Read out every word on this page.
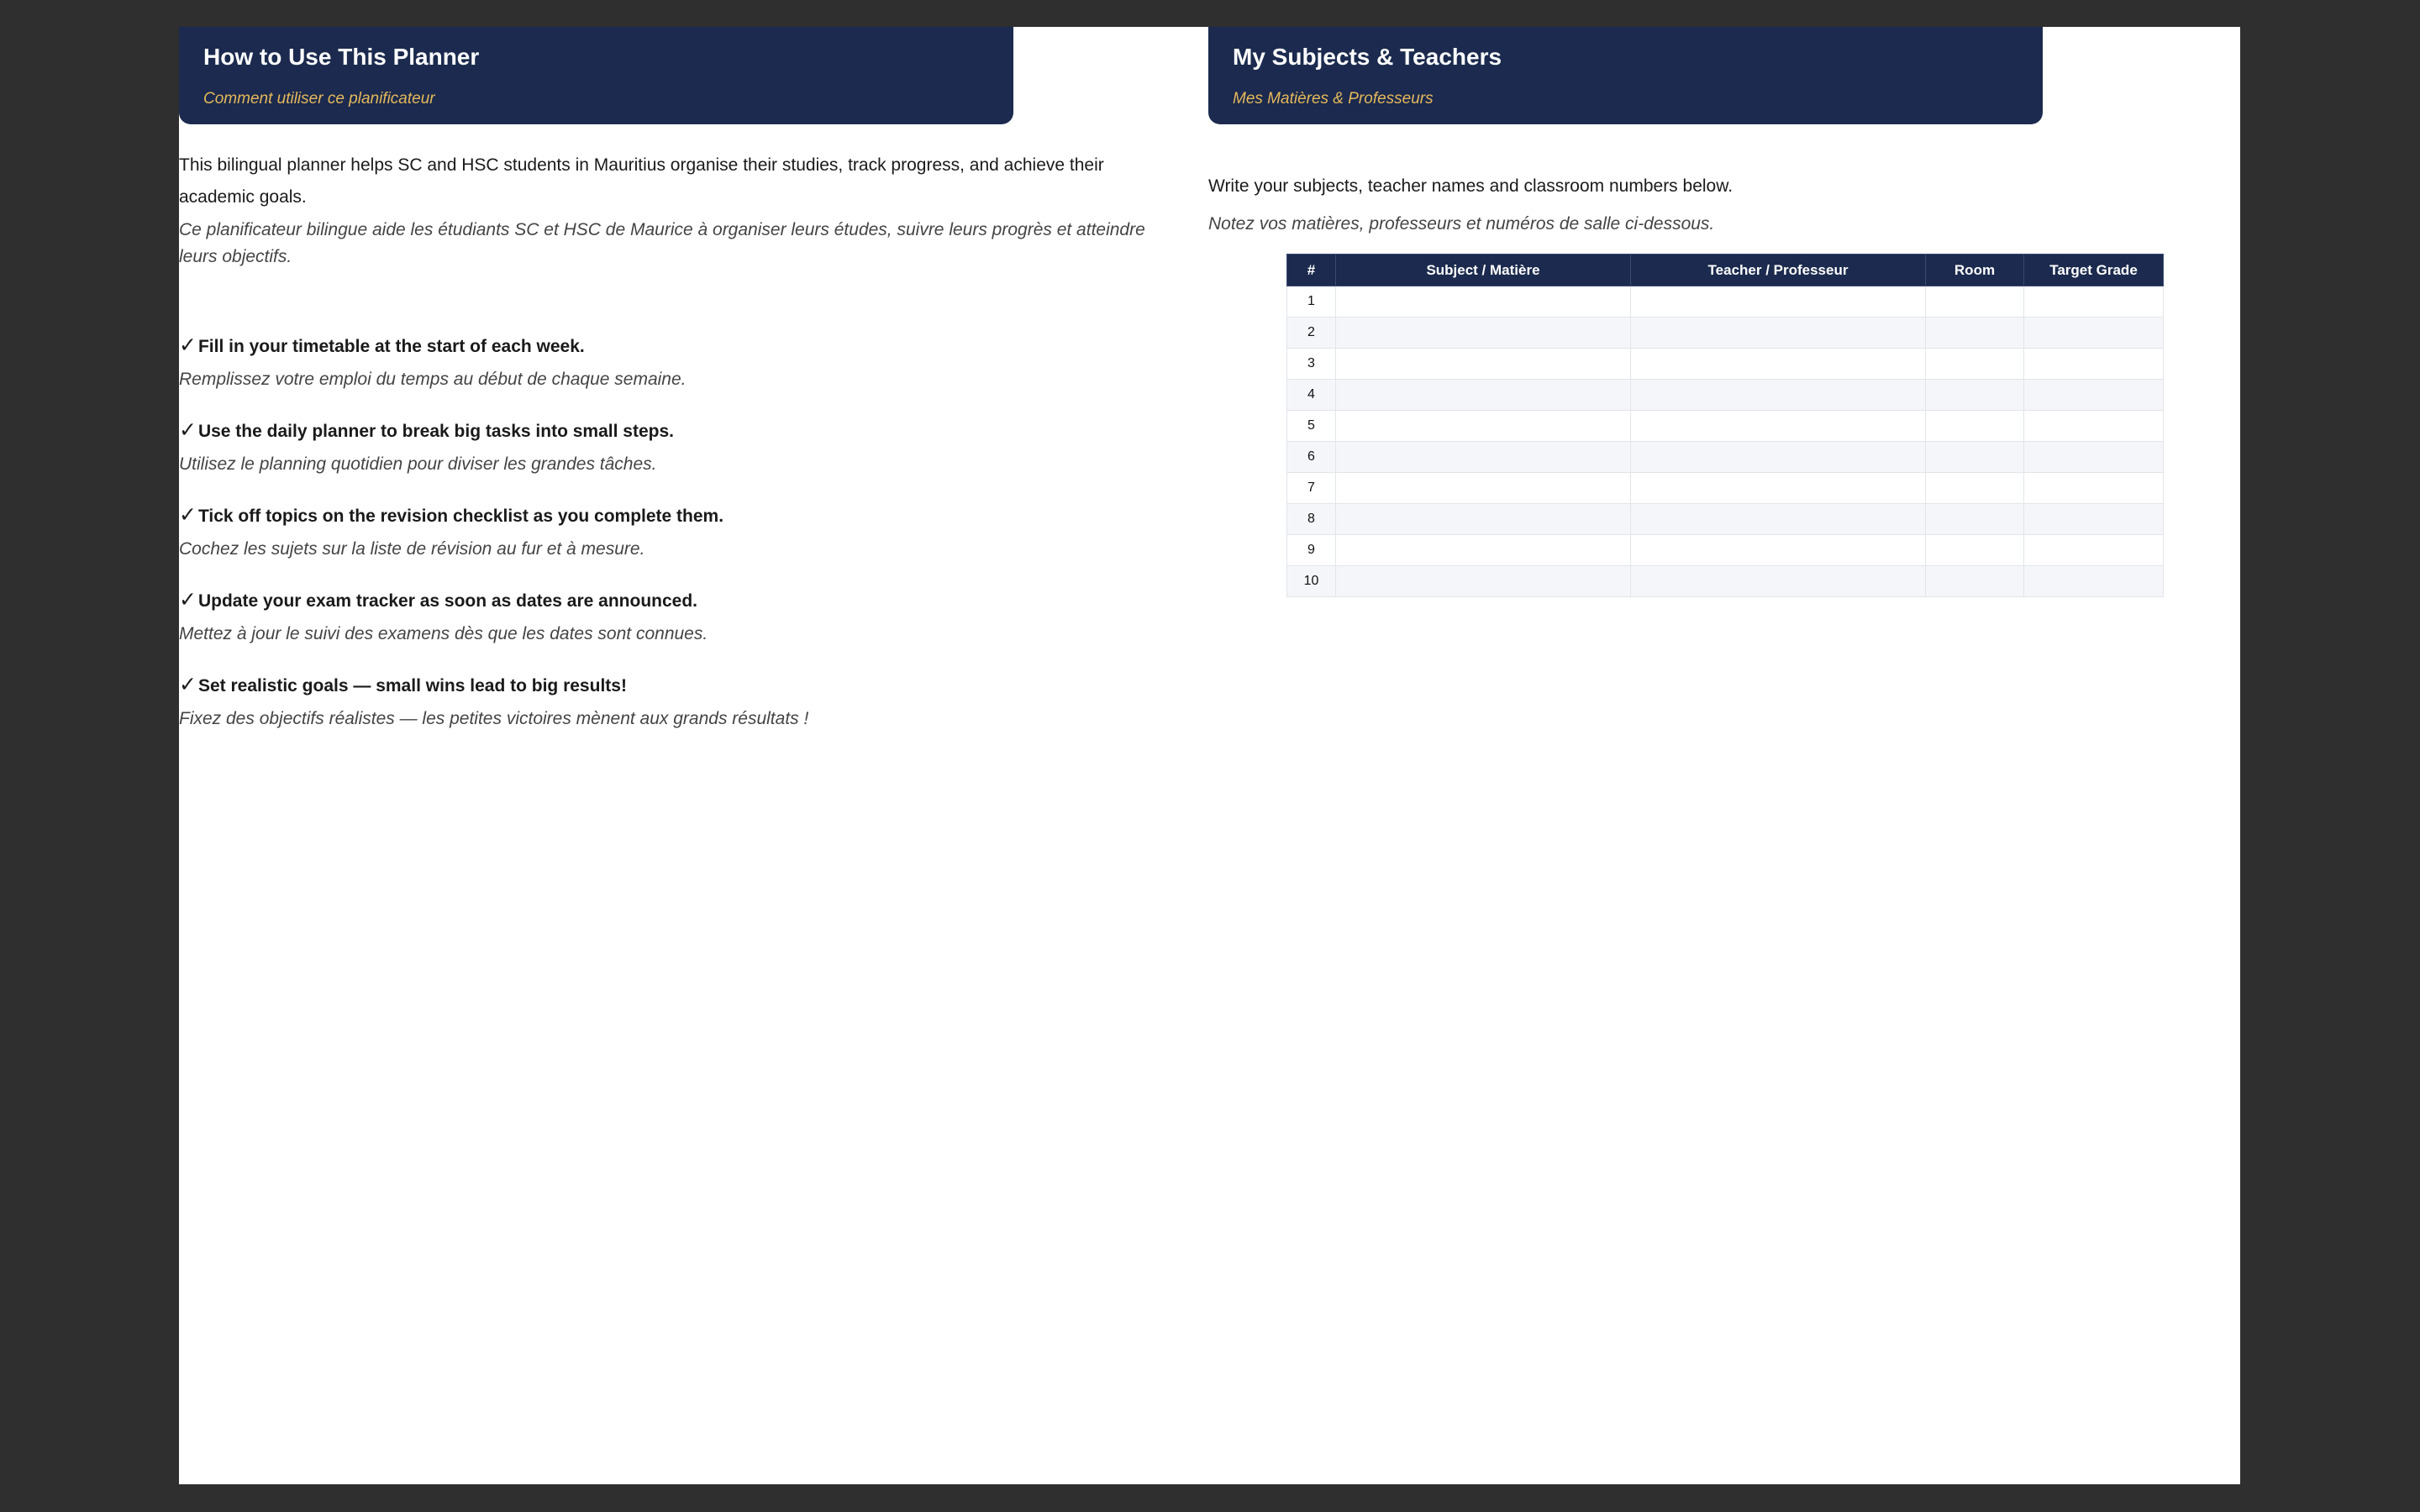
How to Use This Planner
Comment utiliser ce planificateur
This bilingual planner helps SC and HSC students in Mauritius organise their studies, track progress, and achieve their academic goals.
Ce planificateur bilingue aide les étudiants SC et HSC de Maurice à organiser leurs études, suivre leurs progrès et atteindre leurs objectifs.
✓Fill in your timetable at the start of each week.
Remplissez votre emploi du temps au début de chaque semaine.
✓Use the daily planner to break big tasks into small steps.
Utilisez le planning quotidien pour diviser les grandes tâches.
✓Tick off topics on the revision checklist as you complete them.
Cochez les sujets sur la liste de révision au fur et à mesure.
✓Update your exam tracker as soon as dates are announced.
Mettez à jour le suivi des examens dès que les dates sont connues.
✓Set realistic goals — small wins lead to big results!
Fixez des objectifs réalistes — les petites victoires mènent aux grands résultats !
My Subjects & Teachers
Mes Matières & Professeurs
Write your subjects, teacher names and classroom numbers below.
Notez vos matières, professeurs et numéros de salle ci-dessous.
#	Subject / Matière	Teacher / Professeur	Room	Target Grade
1				
2				
3				
4				
5				
6				
7				
8				
9				
10				
